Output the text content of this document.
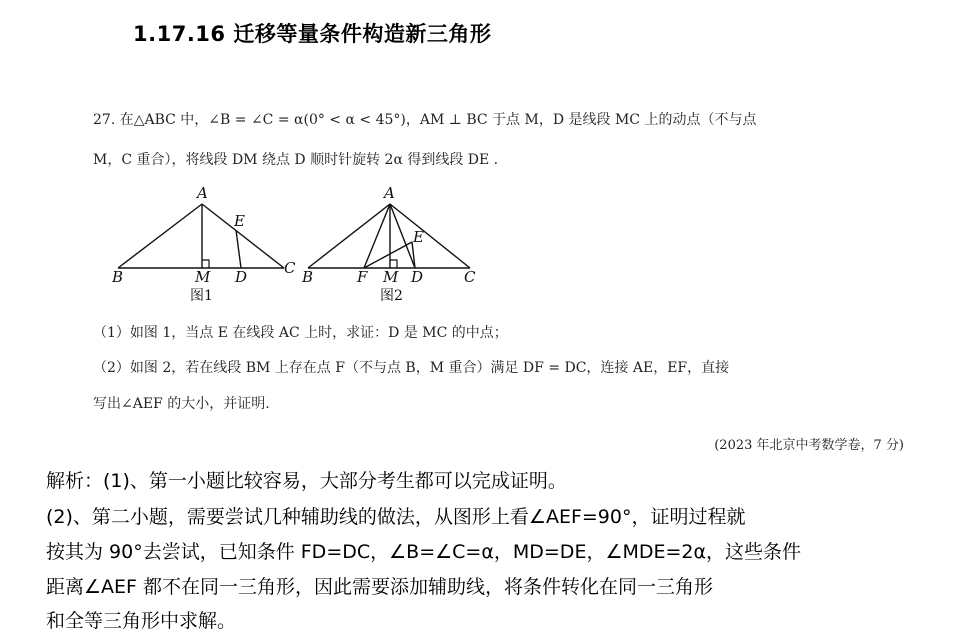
1.17.16 迁移等量条件构造新三角形
27. 在△ABC 中，∠B = ∠C = α(0° < α < 45°)，AM ⊥ BC 于点 M，D 是线段 MC 上的动点（不与点
M，C 重合），将线段 DM 绕点 D 顺时针旋转 2α 得到线段 DE .
A
E
B	M D C
图1
A
E
B	F M D	C
图2
（1）如图 1，当点 E 在线段 AC 上时，求证：D 是 MC 的中点；
（2）如图 2，若在线段 BM 上存在点 F（不与点 B，M 重合）满足 DF = DC，连接 AE，EF，直接
写出∠AEF 的大小，并证明.
(2023 年北京中考数学卷，7 分)
解析：(1)、第一小题比较容易，大部分考生都可以完成证明。
(2)、第二小题，需要尝试几种辅助线的做法，从图形上看∠AEF=90°，证明过程就
按其为 90°去尝试，已知条件 FD=DC，∠B=∠C=α，MD=DE，∠MDE=2α，这些条件
距离∠AEF 都不在同一三角形，因此需要添加辅助线，将条件转化在同一三角形
和全等三角形中求解。
